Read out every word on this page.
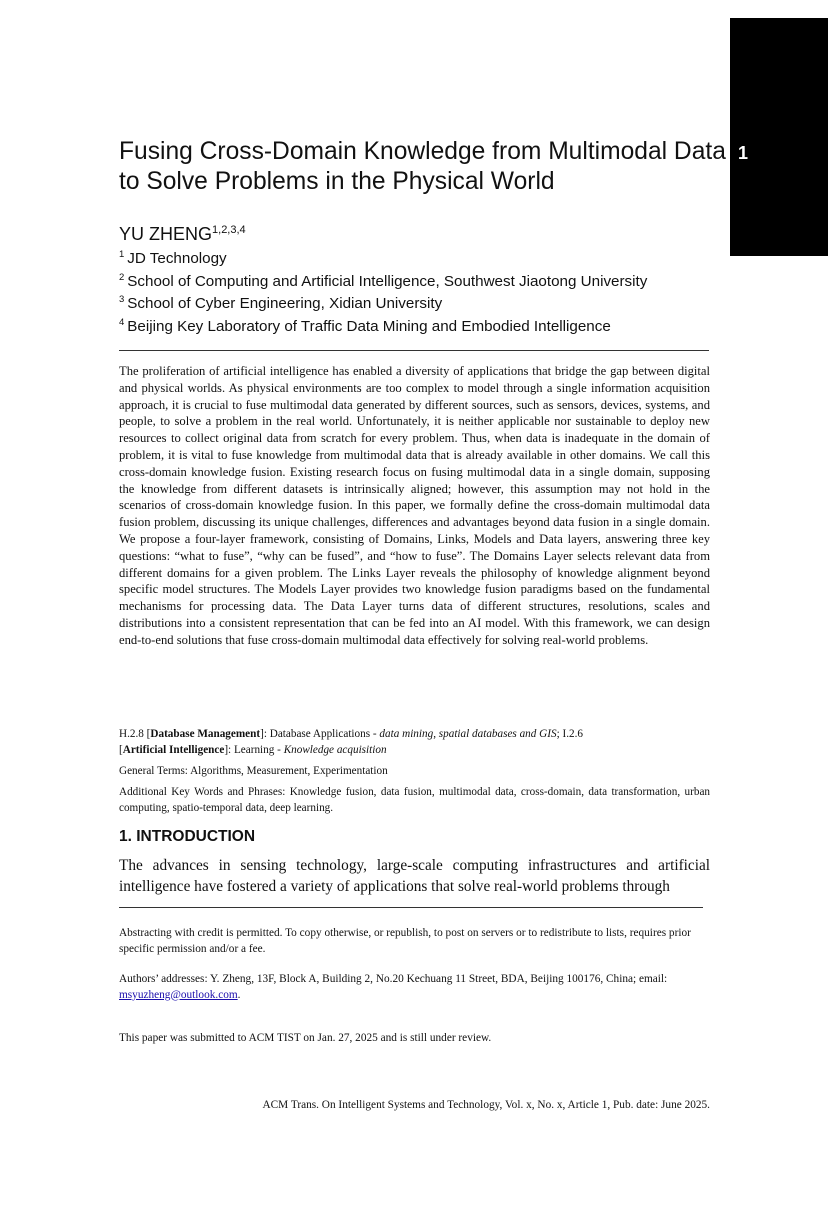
1
Fusing Cross-Domain Knowledge from Multimodal Data to Solve Problems in the Physical World
YU ZHENG$^{1,2,3,4}$
$^1$ JD Technology
$^2$ School of Computing and Artificial Intelligence, Southwest Jiaotong University
$^3$ School of Cyber Engineering, Xidian University
$^4$ Beijing Key Laboratory of Traffic Data Mining and Embodied Intelligence

The proliferation of artificial intelligence has enabled a diversity of applications that bridge the gap between digital and physical worlds. As physical environments are too complex to model through a single information acquisition approach, it is crucial to fuse multimodal data generated by different sources, such as sensors, devices, systems, and people, to solve a problem in the real world. Unfortunately, it is neither applicable nor sustainable to deploy new resources to collect original data from scratch for every problem. Thus, when data is inadequate in the domain of problem, it is vital to fuse knowledge from multimodal data that is already available in other domains. We call this cross-domain knowledge fusion. Existing research focus on fusing multimodal data in a single domain, supposing the knowledge from different datasets is intrinsically aligned; however, this assumption may not hold in the scenarios of cross-domain knowledge fusion. In this paper, we formally define the cross-domain multimodal data fusion problem, discussing its unique challenges, differences and advantages beyond data fusion in a single domain. We propose a four-layer framework, consisting of Domains, Links, Models and Data layers, answering three key questions: “what to fuse”, “why can be fused”, and “how to fuse”. The Domains Layer selects relevant data from different domains for a given problem. The Links Layer reveals the philosophy of knowledge alignment beyond specific model structures. The Models Layer provides two knowledge fusion paradigms based on the fundamental mechanisms for processing data. The Data Layer turns data of different structures, resolutions, scales and distributions into a consistent representation that can be fed into an AI model. With this framework, we can design end-to-end solutions that fuse cross-domain multimodal data effectively for solving real-world problems.

H.2.8 [Database Management]: Database Applications - data mining, spatial databases and GIS; I.2.6
[Artificial Intelligence]: Learning - Knowledge acquisition

General Terms: Algorithms, Measurement, Experimentation

Additional Key Words and Phrases: Knowledge fusion, data fusion, multimodal data, cross-domain, data transformation, urban computing, spatio-temporal data, deep learning.

1. INTRODUCTION

The advances in sensing technology, large-scale computing infrastructures and artificial intelligence have fostered a variety of applications that solve real-world problems through

Abstracting with credit is permitted. To copy otherwise, or republish, to post on servers or to redistribute to lists, requires prior specific permission and/or a fee.

Authors’ addresses: Y. Zheng, 13F, Block A, Building 2, No.20 Kechuang 11 Street, BDA, Beijing 100176, China; email: msyuzheng@outlook.com.

This paper was submitted to ACM TIST on Jan. 27, 2025 and is still under review.

ACM Trans. On Intelligent Systems and Technology, Vol. x, No. x, Article 1, Pub. date: June 2025.
